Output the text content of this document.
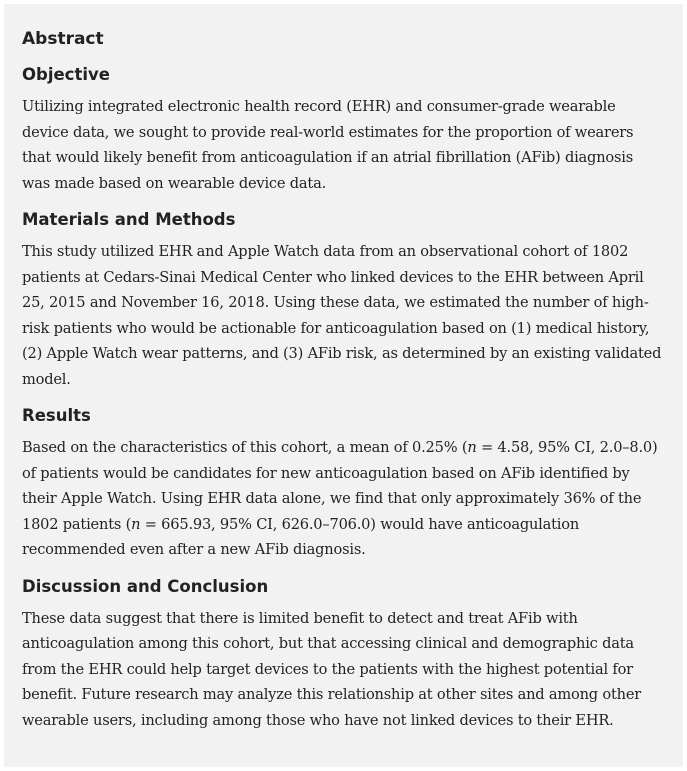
Abstract
Objective

Utilizing integrated electronic health record (EHR) and consumer-grade wearable device data, we sought to provide real-world estimates for the proportion of wearers that would likely benefit from anticoagulation if an atrial fibrillation (AFib) diagnosis was made based on wearable device data.

Materials and Methods

This study utilized EHR and Apple Watch data from an observational cohort of 1802 patients at Cedars-Sinai Medical Center who linked devices to the EHR between April 25, 2015 and November 16, 2018. Using these data, we estimated the number of high-risk patients who would be actionable for anticoagulation based on (1) medical history, (2) Apple Watch wear patterns, and (3) AFib risk, as determined by an existing validated model.

Results

Based on the characteristics of this cohort, a mean of 0.25% (n = 4.58, 95% CI, 2.0–8.0) of patients would be candidates for new anticoagulation based on AFib identified by their Apple Watch. Using EHR data alone, we find that only approximately 36% of the 1802 patients (n = 665.93, 95% CI, 626.0–706.0) would have anticoagulation recommended even after a new AFib diagnosis.

Discussion and Conclusion

These data suggest that there is limited benefit to detect and treat AFib with anticoagulation among this cohort, but that accessing clinical and demographic data from the EHR could help target devices to the patients with the highest potential for benefit. Future research may analyze this relationship at other sites and among other wearable users, including among those who have not linked devices to their EHR.
